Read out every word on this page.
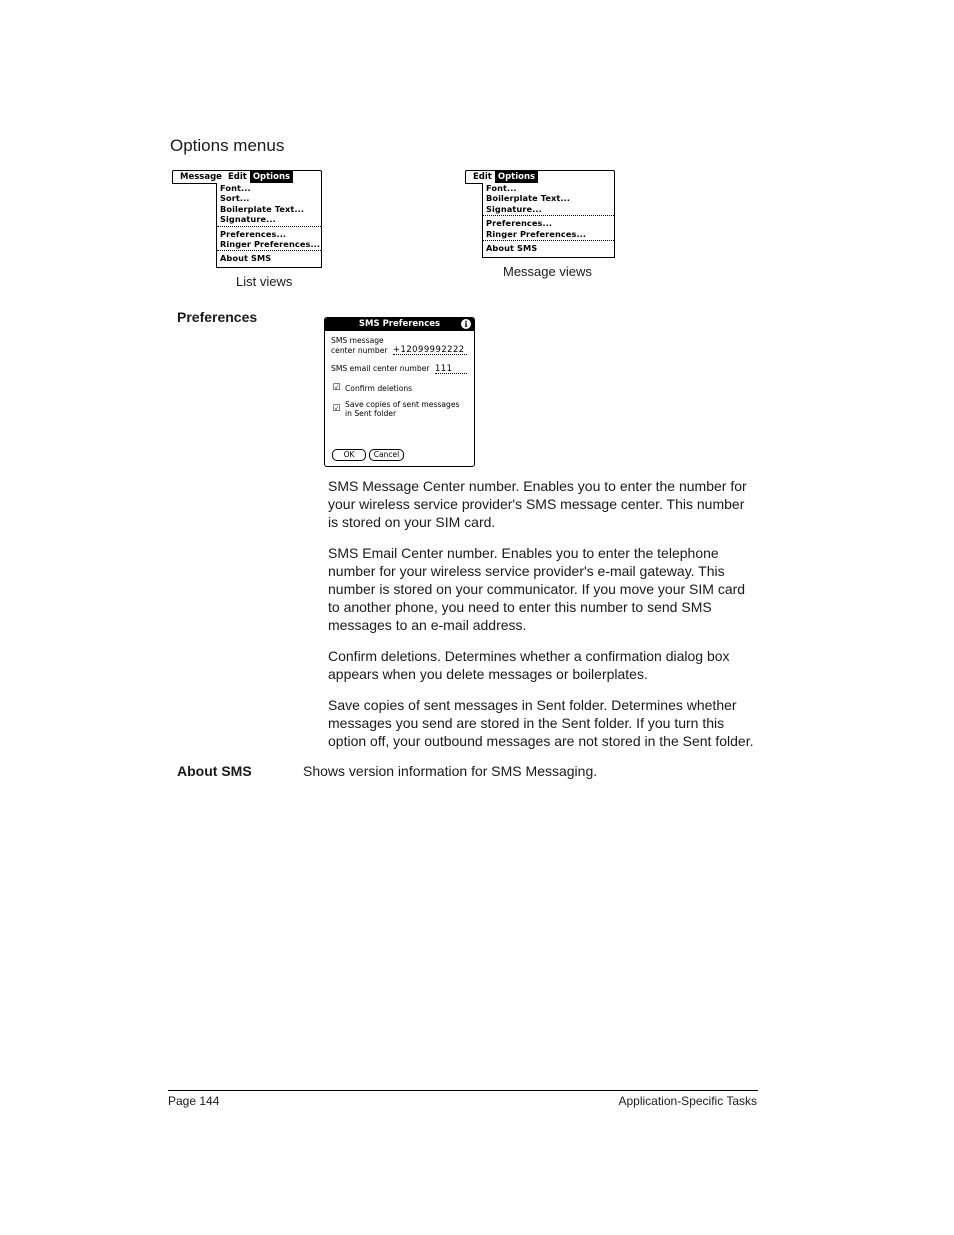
Options menus
Message Edit Options
Font...
Sort...
Boilerplate Text...
Signature...
Preferences...
Ringer Preferences...
About SMS
List views
Edit Options
Font...
Boilerplate Text...
Signature...
Preferences...
Ringer Preferences...
About SMS
Message views
Preferences	SMS Preferences	i
SMS message
center number +12099992222
SMS email center number 111
☑ Confirm deletions
☑ Save copies of sent messages
in Sent folder
OK	Cancel
SMS Message Center number. Enables you to enter the number for your wireless service provider's SMS message center. This number is stored on your SIM card.
SMS Email Center number. Enables you to enter the telephone number for your wireless service provider's e-mail gateway. This number is stored on your communicator. If you move your SIM card to another phone, you need to enter this number to send SMS messages to an e-mail address.
Confirm deletions. Determines whether a confirmation dialog box appears when you delete messages or boilerplates.
Save copies of sent messages in Sent folder. Determines whether messages you send are stored in the Sent folder. If you turn this option off, your outbound messages are not stored in the Sent folder.
About SMS	Shows version information for SMS Messaging.
Page 144	Application-Specific Tasks
